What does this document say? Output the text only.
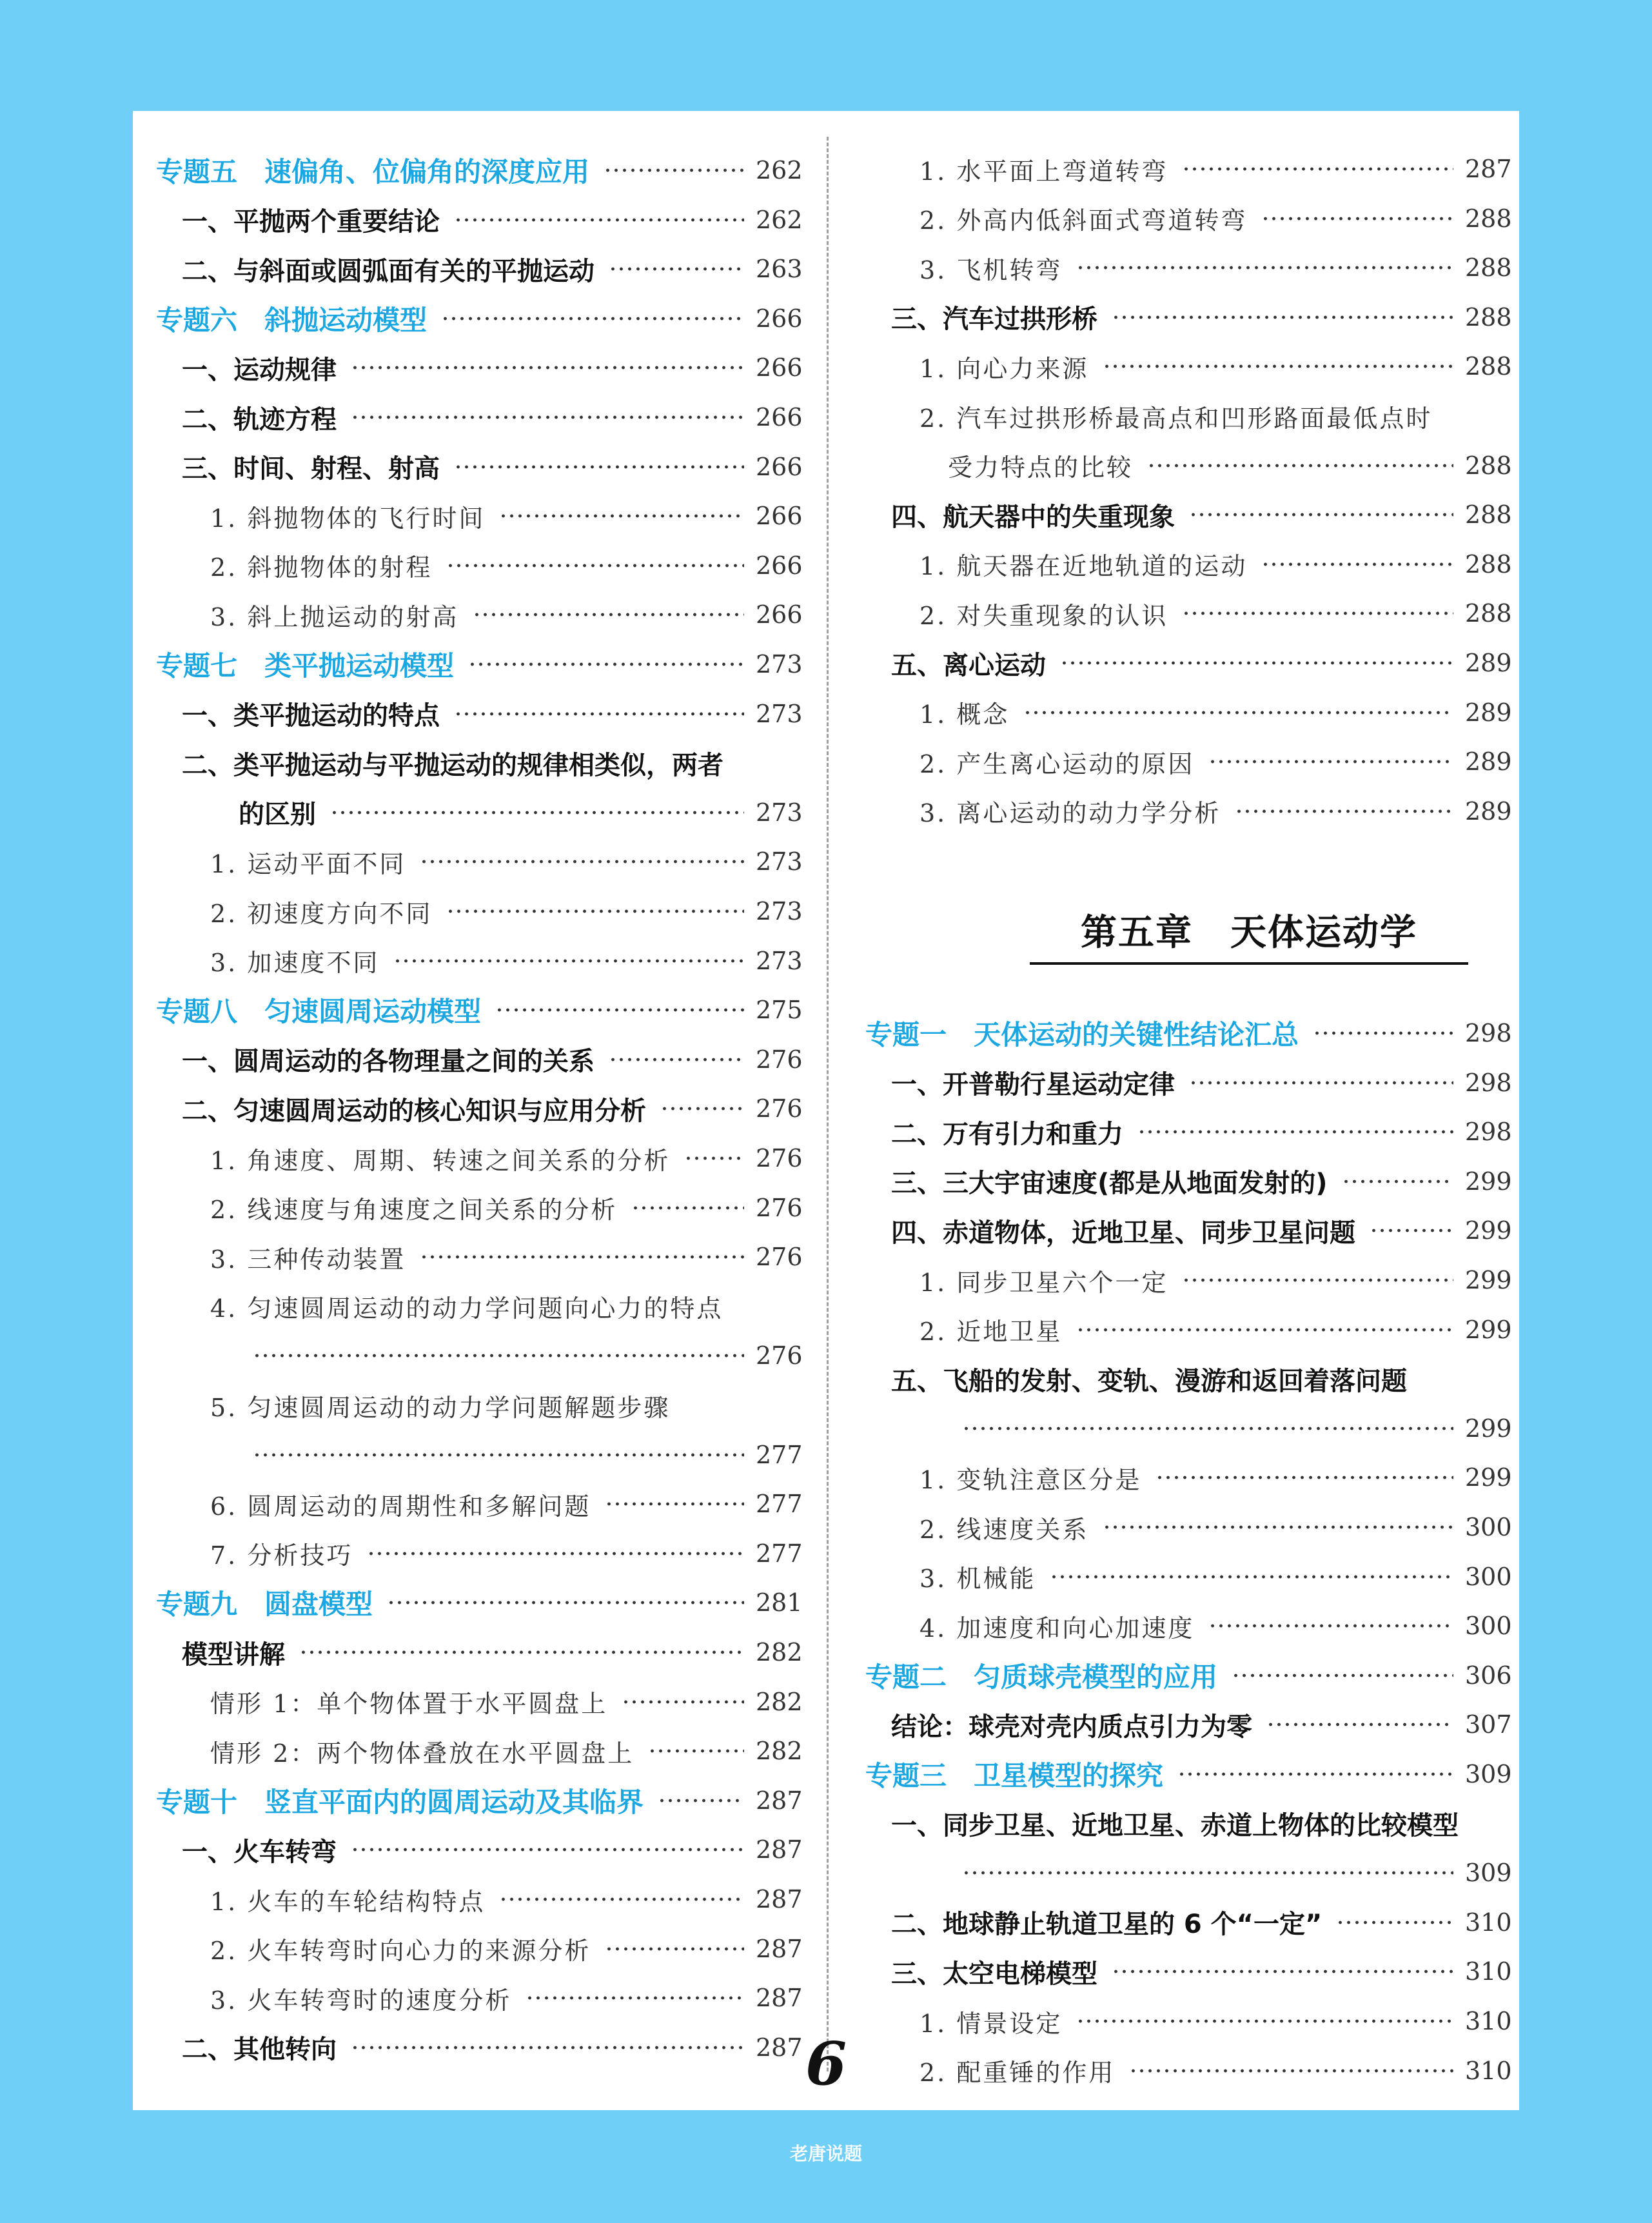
专题五　速偏角、位偏角的深度应用	262
一、平抛两个重要结论	262
二、与斜面或圆弧面有关的平抛运动	263
专题六　斜抛运动模型	266
一、运动规律	266
二、轨迹方程	266
三、时间、射程、射高	266
1. 斜抛物体的飞行时间	266
2. 斜抛物体的射程	266
3. 斜上抛运动的射高	266
专题七　类平抛运动模型	273
一、类平抛运动的特点	273
二、类平抛运动与平抛运动的规律相类似，两者
的区别	273
1. 运动平面不同	273
2. 初速度方向不同	273
3. 加速度不同	273
专题八　匀速圆周运动模型	275
一、圆周运动的各物理量之间的关系	276
二、匀速圆周运动的核心知识与应用分析	276
1. 角速度、周期、转速之间关系的分析	276
2. 线速度与角速度之间关系的分析	276
3. 三种传动装置	276
4. 匀速圆周运动的动力学问题向心力的特点
276
5. 匀速圆周运动的动力学问题解题步骤
277
6. 圆周运动的周期性和多解问题	277
7. 分析技巧	277
专题九　圆盘模型	281
模型讲解	282
情形 1：单个物体置于水平圆盘上	282
情形 2：两个物体叠放在水平圆盘上	282
专题十　竖直平面内的圆周运动及其临界	287
一、火车转弯	287
1. 火车的车轮结构特点	287
2. 火车转弯时向心力的来源分析	287
3. 火车转弯时的速度分析	287
二、其他转向	287
1. 水平面上弯道转弯	287
2. 外高内低斜面式弯道转弯	288
3. 飞机转弯	288
三、汽车过拱形桥	288
1. 向心力来源	288
2. 汽车过拱形桥最高点和凹形路面最低点时
受力特点的比较	288
四、航天器中的失重现象	288
1. 航天器在近地轨道的运动	288
2. 对失重现象的认识	288
五、离心运动	289
1. 概念	289
2. 产生离心运动的原因	289
3. 离心运动的动力学分析	289
第五章　天体运动学
专题一　天体运动的关键性结论汇总	298
一、开普勒行星运动定律	298
二、万有引力和重力	298
三、三大宇宙速度(都是从地面发射的)	299
四、赤道物体，近地卫星、同步卫星问题	299
1. 同步卫星六个一定	299
2. 近地卫星	299
五、飞船的发射、变轨、漫游和返回着落问题
299
1. 变轨注意区分是	299
2. 线速度关系	300
3. 机械能	300
4. 加速度和向心加速度	300
专题二　匀质球壳模型的应用	306
结论：球壳对壳内质点引力为零	307
专题三　卫星模型的探究	309
一、同步卫星、近地卫星、赤道上物体的比较模型
309
二、地球静止轨道卫星的 6 个“一定”	310
三、太空电梯模型	310
1. 情景设定	310
2. 配重锤的作用	310
6
老唐说题
